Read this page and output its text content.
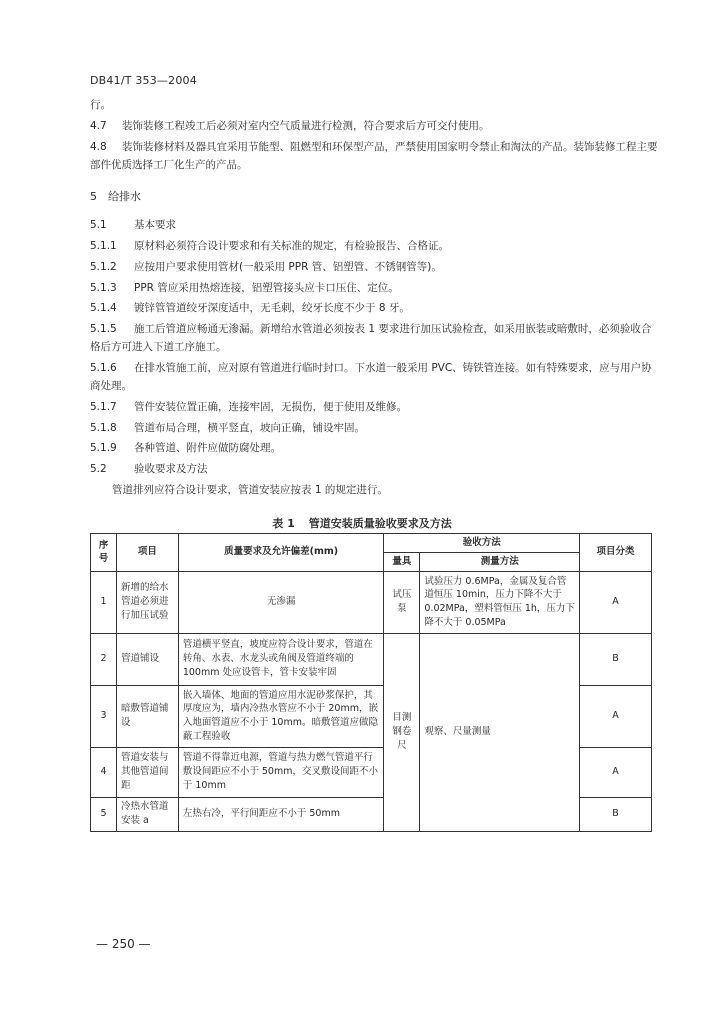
DB41/T 353—2004

行。

4.7 装饰装修工程竣工后必须对室内空气质量进行检测，符合要求后方可交付使用。

4.8 装饰装修材料及器具宜采用节能型、阻燃型和环保型产品，严禁使用国家明令禁止和淘汰的产品。装饰装修工程主要部件优质选择工厂化生产的产品。

5 给排水

5.1	基本要求

5.1.1 原材料必须符合设计要求和有关标准的规定，有检验报告、合格证。

5.1.2 应按用户要求使用管材(一般采用 PPR 管、铝塑管、不锈钢管等)。

5.1.3 PPR 管应采用热熔连接，铝塑管接头应卡口压住、定位。

5.1.4 镀锌管管道绞牙深度适中，无毛刺，绞牙长度不少于 8 牙。

5.1.5 施工后管道应畅通无渗漏。新增给水管道必须按表 1 要求进行加压试验检查，如采用嵌装或暗敷时，必须验收合格后方可进入下道工序施工。

5.1.6 在排水管施工前，应对原有管道进行临时封口。下水道一般采用 PVC、铸铁管连接。如有特殊要求，应与用户协商处理。

5.1.7 管件安装位置正确，连接牢固，无损伤，便于使用及维修。

5.1.8 管道布局合理，横平竖直，坡向正确，铺设牢固。

5.1.9 各种管道、附件应做防腐处理。

5.2	验收要求及方法

管道排列应符合设计要求，管道安装应按表 1 的规定进行。

表 1 管道安装质量验收要求及方法
序号	项目	质量要求及允许偏差(mm)	验收方法		项目分类
			量具	测量方法	
1	新增的给水管道必须进行加压试验	无渗漏	试压泵	试验压力 0.6MPa，金属及复合管道恒压 10min，压力下降不大于 0.02MPa，塑料管恒压 1h，压力下降不大于 0.05MPa	A
2	管道铺设	管道横平竖直，坡度应符合设计要求，管道在转角、水表、水龙头或角阀及管道终端的 100mm 处应设管卡，管卡安装牢固	目测钢卷尺	观察、尺量测量	B
3	暗敷管道铺设	嵌入墙体、地面的管道应用水泥砂浆保护，其厚度应为，墙内冷热水管应不小于 20mm，嵌入地面管道应不小于 10mm。暗敷管道应做隐蔽工程验收			A
4	管道安装与其他管道间距	管道不得靠近电源，管道与热力燃气管道平行敷设间距应不小于 50mm，交叉敷设间距不小于 10mm			A
5	冷热水管道安装 a	左热右冷，平行间距应不小于 50mm			B
— 250 —
